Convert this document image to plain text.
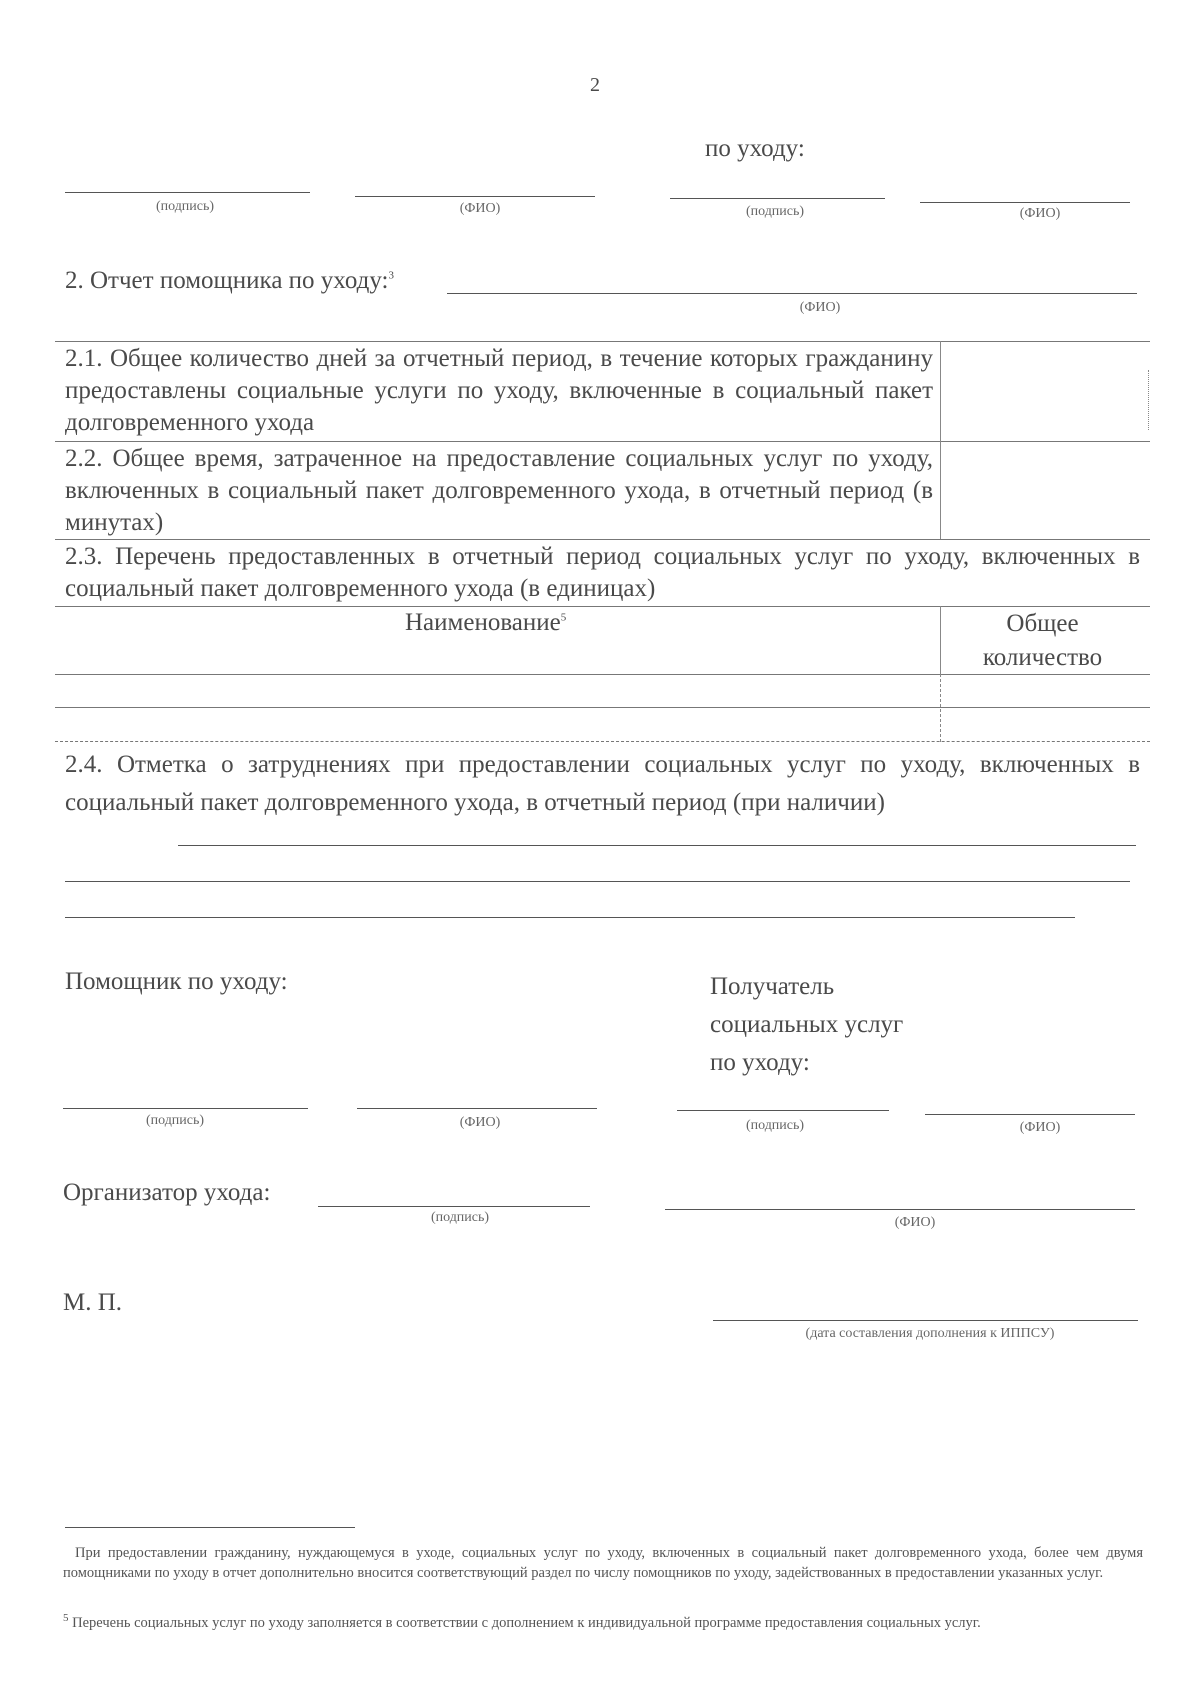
2
по уходу:
(подпись)	(ФИО)	(подпись)	(ФИО)
2. Отчет помощника по уходу:$^3$
(ФИО)
2.1. Общее количество дней за отчетный период, в течение которых гражданину предоставлены социальные услуги по уходу, включенные в социальный пакет долговременного ухода
2.2. Общее время, затраченное на предоставление социальных услуг по уходу, включенных в социальный пакет долговременного ухода, в отчетный период (в минутах)
2.3. Перечень предоставленных в отчетный период социальных услуг по уходу, включенных в социальный пакет долговременного ухода (в единицах)
Наименование$^5$	Общее количество
2.4. Отметка о затруднениях при предоставлении социальных услуг по уходу, включенных в социальный пакет долговременного ухода, в отчетный период (при наличии)
Помощник по уходу:	Получатель
социальных услуг
по уходу:
(подпись)	(ФИО)	(подпись)	(ФИО)
Организатор ухода:
(подпись)	(ФИО)
М. П.
(дата составления дополнения к ИППСУ)
При предоставлении гражданину, нуждающемуся в уходе, социальных услуг по уходу, включенных в социальный пакет долговременного ухода, более чем двумя помощниками по уходу в отчет дополнительно вносится соответствующий раздел по числу помощников по уходу, задействованных в предоставлении указанных услуг.
$^5$ Перечень социальных услуг по уходу заполняется в соответствии с дополнением к индивидуальной программе предоставления социальных услуг.
